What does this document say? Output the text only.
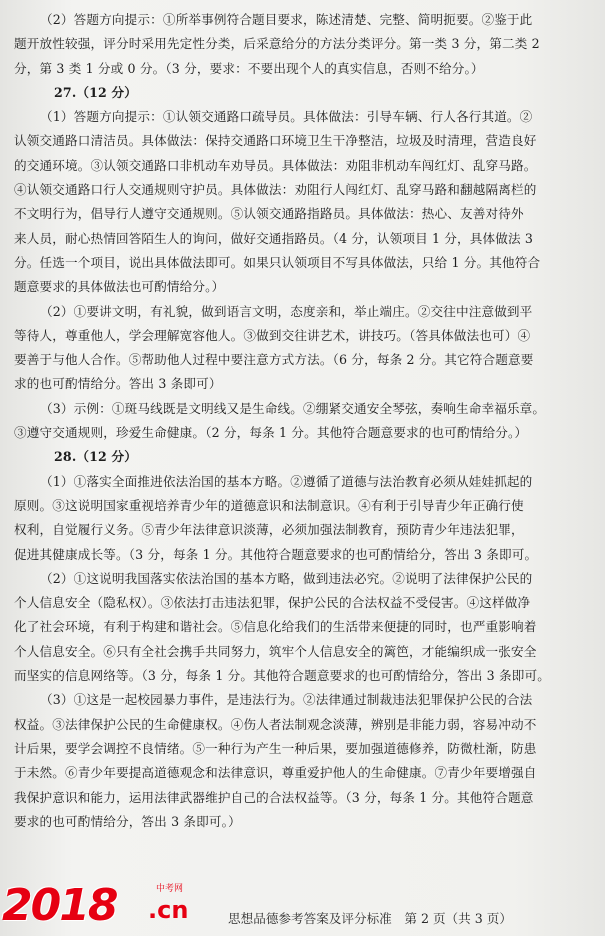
（2）答题方向提示：①所举事例符合题目要求，陈述清楚、完整、简明扼要。②鉴于此
题开放性较强，评分时采用先定性分类，后采意给分的方法分类评分。第一类 3 分，第二类 2
分，第 3 类 1 分或 0 分。（3 分，要求：不要出现个人的真实信息，否则不给分。）
27.（12 分）
（1）答题方向提示：①认领交通路口疏导员。具体做法：引导车辆、行人各行其道。②
认领交通路口清洁员。具体做法：保持交通路口环境卫生干净整洁，垃圾及时清理，营造良好
的交通环境。③认领交通路口非机动车劝导员。具体做法：劝阻非机动车闯红灯、乱穿马路。
④认领交通路口行人交通规则守护员。具体做法：劝阻行人闯红灯、乱穿马路和翻越隔离栏的
不文明行为，倡导行人遵守交通规则。⑤认领交通路指路员。具体做法：热心、友善对待外
来人员，耐心热情回答陌生人的询问，做好交通指路员。（4 分，认领项目 1 分，具体做法 3
分。任选一个项目，说出具体做法即可。如果只认领项目不写具体做法，只给 1 分。其他符合
题意要求的具体做法也可酌情给分。）
（2）①要讲文明，有礼貌，做到语言文明，态度亲和，举止端庄。②交往中注意做到平
等待人，尊重他人，学会理解宽容他人。③做到交往讲艺术，讲技巧。（答具体做法也可）④
要善于与他人合作。⑤帮助他人过程中要注意方式方法。（6 分，每条 2 分。其它符合题意要
求的也可酌情给分。答出 3 条即可）
（3）示例：①斑马线既是文明线又是生命线。②绷紧交通安全琴弦，奏响生命幸福乐章。
③遵守交通规则，珍爱生命健康。（2 分，每条 1 分。其他符合题意要求的也可酌情给分。）
28.（12 分）
（1）①落实全面推进依法治国的基本方略。②遵循了道德与法治教育必须从娃娃抓起的
原则。③这说明国家重视培养青少年的道德意识和法制意识。④有利于引导青少年正确行使
权利，自觉履行义务。⑤青少年法律意识淡薄，必须加强法制教育，预防青少年违法犯罪，
促进其健康成长等。（3 分，每条 1 分。其他符合题意要求的也可酌情给分，答出 3 条即可。
（2）①这说明我国落实依法治国的基本方略，做到违法必究。②说明了法律保护公民的
个人信息安全（隐私权）。③依法打击违法犯罪，保护公民的合法权益不受侵害。④这样做净
化了社会环境，有利于构建和谐社会。⑤信息化给我们的生活带来便捷的同时，也严重影响着
个人信息安全。⑥只有全社会携手共同努力，筑牢个人信息安全的篱笆，才能编织成一张安全
而坚实的信息网络等。（3 分，每条 1 分。其他符合题意要求的也可酌情给分，答出 3 条即可。
（3）①这是一起校园暴力事件，是违法行为。②法律通过制裁违法犯罪保护公民的合法
权益。③法律保护公民的生命健康权。④伤人者法制观念淡薄，辨别是非能力弱，容易冲动不
计后果，要学会调控不良情绪。⑤一种行为产生一种后果，要加强道德修养，防微杜渐，防患
于未然。⑥青少年要提高道德观念和法律意识，尊重爱护他人的生命健康。⑦青少年要增强自
我保护意识和能力，运用法律武器维护自己的合法权益等。（3 分，每条 1 分。其他符合题意
要求的也可酌情给分，答出 3 条即可。）
思想品德参考答案及评分标准　第 2 页（共 3 页）
2018	中考网
.cn
